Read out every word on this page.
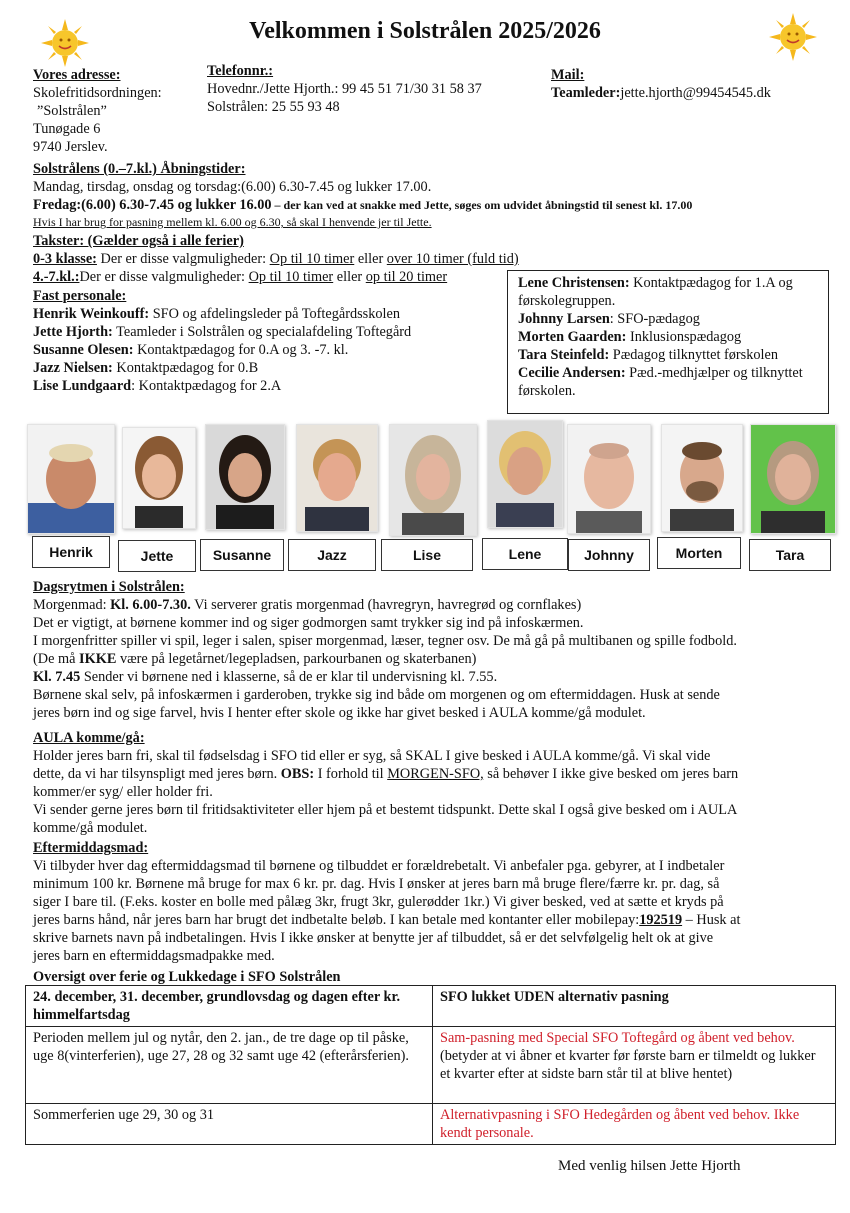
Velkommen i Solstrålen 2025/2026
Vores adresse:
Skolefritidsordningen:
”Solstrålen”
Tunøgade 6
9740 Jerslev.
Telefonnr.:
Hovednr./Jette Hjorth.: 99 45 51 71/30 31 58 37
Solstrålen: 25 55 93 48
Mail:
Teamleder:jette.hjorth@99454545.dk
Solstrålens (0.–7.kl.) Åbningstider:
Mandag, tirsdag, onsdag og torsdag:(6.00) 6.30-7.45 og lukker 17.00.
Fredag:(6.00) 6.30-7.45 og lukker 16.00 – der kan ved at snakke med Jette, søges om udvidet åbningstid til senest kl. 17.00
Hvis I har brug for pasning mellem kl. 6.00 og 6.30, så skal I henvende jer til Jette.
Takster: (Gælder også i alle ferier)
0-3 klasse: Der er disse valgmuligheder: Op til 10 timer eller over 10 timer (fuld tid)
4.-7.kl.:Der er disse valgmuligheder: Op til 10 timer eller op til 20 timer
Fast personale:
Henrik Weinkouff: SFO og afdelingsleder på Toftegårdsskolen
Jette Hjorth: Teamleder i Solstrålen og specialafdeling Toftegård
Susanne Olesen: Kontaktpædagog for 0.A og 3. -7. kl.
Jazz Nielsen: Kontaktpædagog for 0.B
Lise Lundgaard: Kontaktpædagog for 2.A
Lene Christensen: Kontaktpædagog for 1.A og førskolegruppen.
Johnny Larsen: SFO-pædagog
Morten Gaarden: Inklusionspædagog
Tara Steinfeld: Pædagog tilknyttet førskolen
Cecilie Andersen: Pæd.-medhjælper og tilknyttet førskolen.
Henrik	Jette	Susanne	Jazz	Lise	Lene	Johnny	Morten	Tara
Dagsrytmen i Solstrålen:
Morgenmad: Kl. 6.00-7.30. Vi serverer gratis morgenmad (havregryn, havregrød og cornflakes)
Det er vigtigt, at børnene kommer ind og siger godmorgen samt trykker sig ind på infoskærmen.
I morgenfritter spiller vi spil, leger i salen, spiser morgenmad, læser, tegner osv. De må gå på multibanen og spille fodbold.
(De må IKKE være på legetårnet/legepladsen, parkourbanen og skaterbanen)
Kl. 7.45 Sender vi børnene ned i klasserne, så de er klar til undervisning kl. 7.55.
Børnene skal selv, på infoskærmen i garderoben, trykke sig ind både om morgenen og om eftermiddagen. Husk at sende
jeres børn ind og sige farvel, hvis I henter efter skole og ikke har givet besked i AULA komme/gå modulet.
AULA komme/gå:
Holder jeres barn fri, skal til fødselsdag i SFO tid eller er syg, så SKAL I give besked i AULA komme/gå. Vi skal vide
dette, da vi har tilsynspligt med jeres børn. OBS: I forhold til MORGEN-SFO, så behøver I ikke give besked om jeres barn
kommer/er syg/ eller holder fri.
Vi sender gerne jeres børn til fritidsaktiviteter eller hjem på et bestemt tidspunkt. Dette skal I også give besked om i AULA
komme/gå modulet.
Eftermiddagsmad:
Vi tilbyder hver dag eftermiddagsmad til børnene og tilbuddet er forældrebetalt. Vi anbefaler pga. gebyrer, at I indbetaler
minimum 100 kr. Børnene må bruge for max 6 kr. pr. dag. Hvis I ønsker at jeres barn må bruge flere/færre kr. pr. dag, så
siger I bare til. (F.eks. koster en bolle med pålæg 3kr, frugt 3kr, gulerødder 1kr.) Vi giver besked, ved at sætte et kryds på
jeres barns hånd, når jeres barn har brugt det indbetalte beløb. I kan betale med kontanter eller mobilepay:192519 – Husk at
skrive barnets navn på indbetalingen. Hvis I ikke ønsker at benytte jer af tilbuddet, så er det selvfølgelig helt ok at give
jeres barn en eftermiddagsmadpakke med.
Oversigt over ferie og Lukkedage i SFO Solstrålen
24. december, 31. december, grundlovsdag og dagen efter kr. himmelfartsdag	SFO lukket UDEN alternativ pasning
Perioden mellem jul og nytår, den 2. jan., de tre dage op til påske, uge 8(vinterferien), uge 27, 28 og 32 samt uge 42 (efterårsferien).	Sam-pasning med Special SFO Toftegård og åbent ved behov. (betyder at vi åbner et kvarter før første barn er tilmeldt og lukker et kvarter efter at sidste barn står til at blive hentet)
Sommerferien uge 29, 30 og 31	Alternativpasning i SFO Hedegården og åbent ved behov. Ikke kendt personale.
Med venlig hilsen Jette Hjorth
